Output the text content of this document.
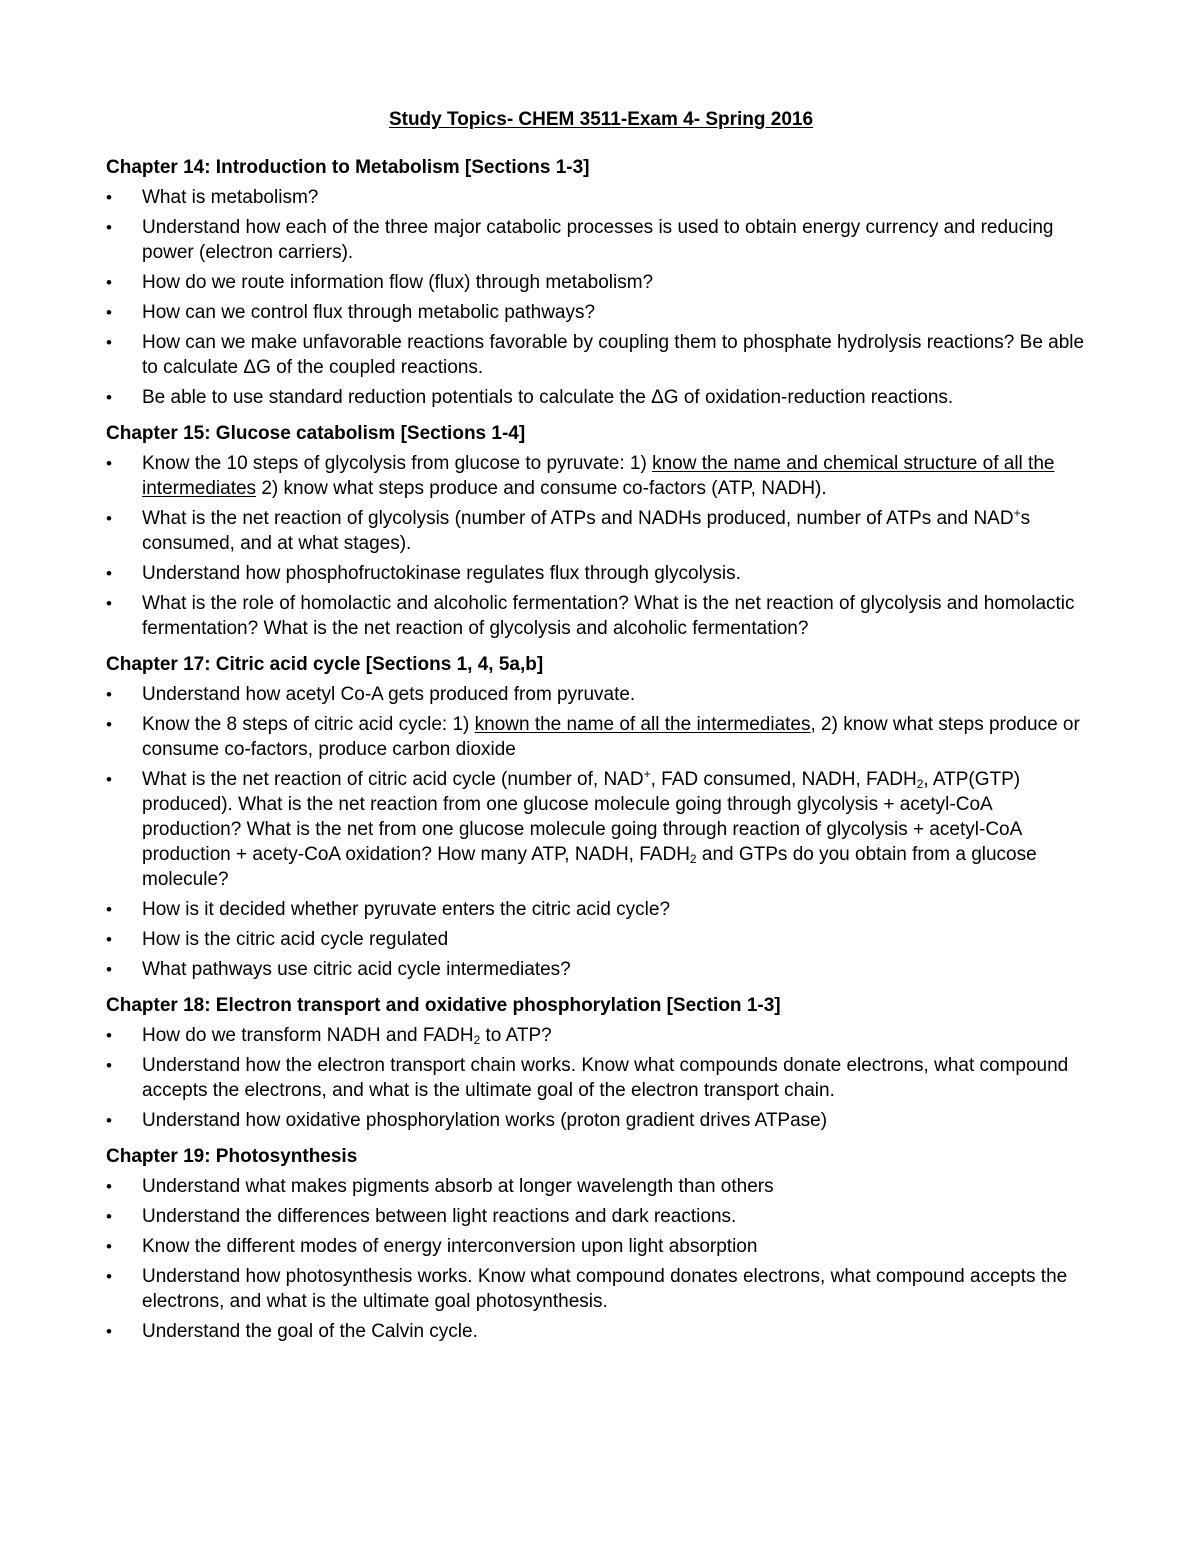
Study Topics- CHEM 3511-Exam 4- Spring 2016
Chapter 14: Introduction to Metabolism [Sections 1-3]
• What is metabolism?
• Understand how each of the three major catabolic processes is used to obtain energy currency and reducing power (electron carriers).
• How do we route information flow (flux) through metabolism?
• How can we control flux through metabolic pathways?
• How can we make unfavorable reactions favorable by coupling them to phosphate hydrolysis reactions? Be able to calculate ΔG of the coupled reactions.
• Be able to use standard reduction potentials to calculate the ΔG of oxidation-reduction reactions.
Chapter 15: Glucose catabolism [Sections 1-4]
• Know the 10 steps of glycolysis from glucose to pyruvate: 1) know the name and chemical structure of all the intermediates 2) know what steps produce and consume co-factors (ATP, NADH).
• What is the net reaction of glycolysis (number of ATPs and NADHs produced, number of ATPs and NAD+s consumed, and at what stages).
• Understand how phosphofructokinase regulates flux through glycolysis.
• What is the role of homolactic and alcoholic fermentation? What is the net reaction of glycolysis and homolactic fermentation? What is the net reaction of glycolysis and alcoholic fermentation?
Chapter 17: Citric acid cycle [Sections 1, 4, 5a,b]
• Understand how acetyl Co-A gets produced from pyruvate.
• Know the 8 steps of citric acid cycle: 1) known the name of all the intermediates, 2) know what steps produce or consume co-factors, produce carbon dioxide
• What is the net reaction of citric acid cycle (number of, NAD+, FAD consumed, NADH, $FADH_2$, ATP(GTP) produced). What is the net reaction from one glucose molecule going through glycolysis + acetyl-CoA production? What is the net from one glucose molecule going through reaction of glycolysis + acetyl-CoA production + acety-CoA oxidation? How many ATP, NADH, $FADH_2$ and GTPs do you obtain from a glucose molecule?
• How is it decided whether pyruvate enters the citric acid cycle?
• How is the citric acid cycle regulated
• What pathways use citric acid cycle intermediates?
Chapter 18: Electron transport and oxidative phosphorylation [Section 1-3]
• How do we transform NADH and $FADH_2$ to ATP?
• Understand how the electron transport chain works. Know what compounds donate electrons, what compound accepts the electrons, and what is the ultimate goal of the electron transport chain.
• Understand how oxidative phosphorylation works (proton gradient drives ATPase)
Chapter 19: Photosynthesis
• Understand what makes pigments absorb at longer wavelength than others
• Understand the differences between light reactions and dark reactions.
• Know the different modes of energy interconversion upon light absorption
• Understand how photosynthesis works. Know what compound donates electrons, what compound accepts the electrons, and what is the ultimate goal photosynthesis.
• Understand the goal of the Calvin cycle.
